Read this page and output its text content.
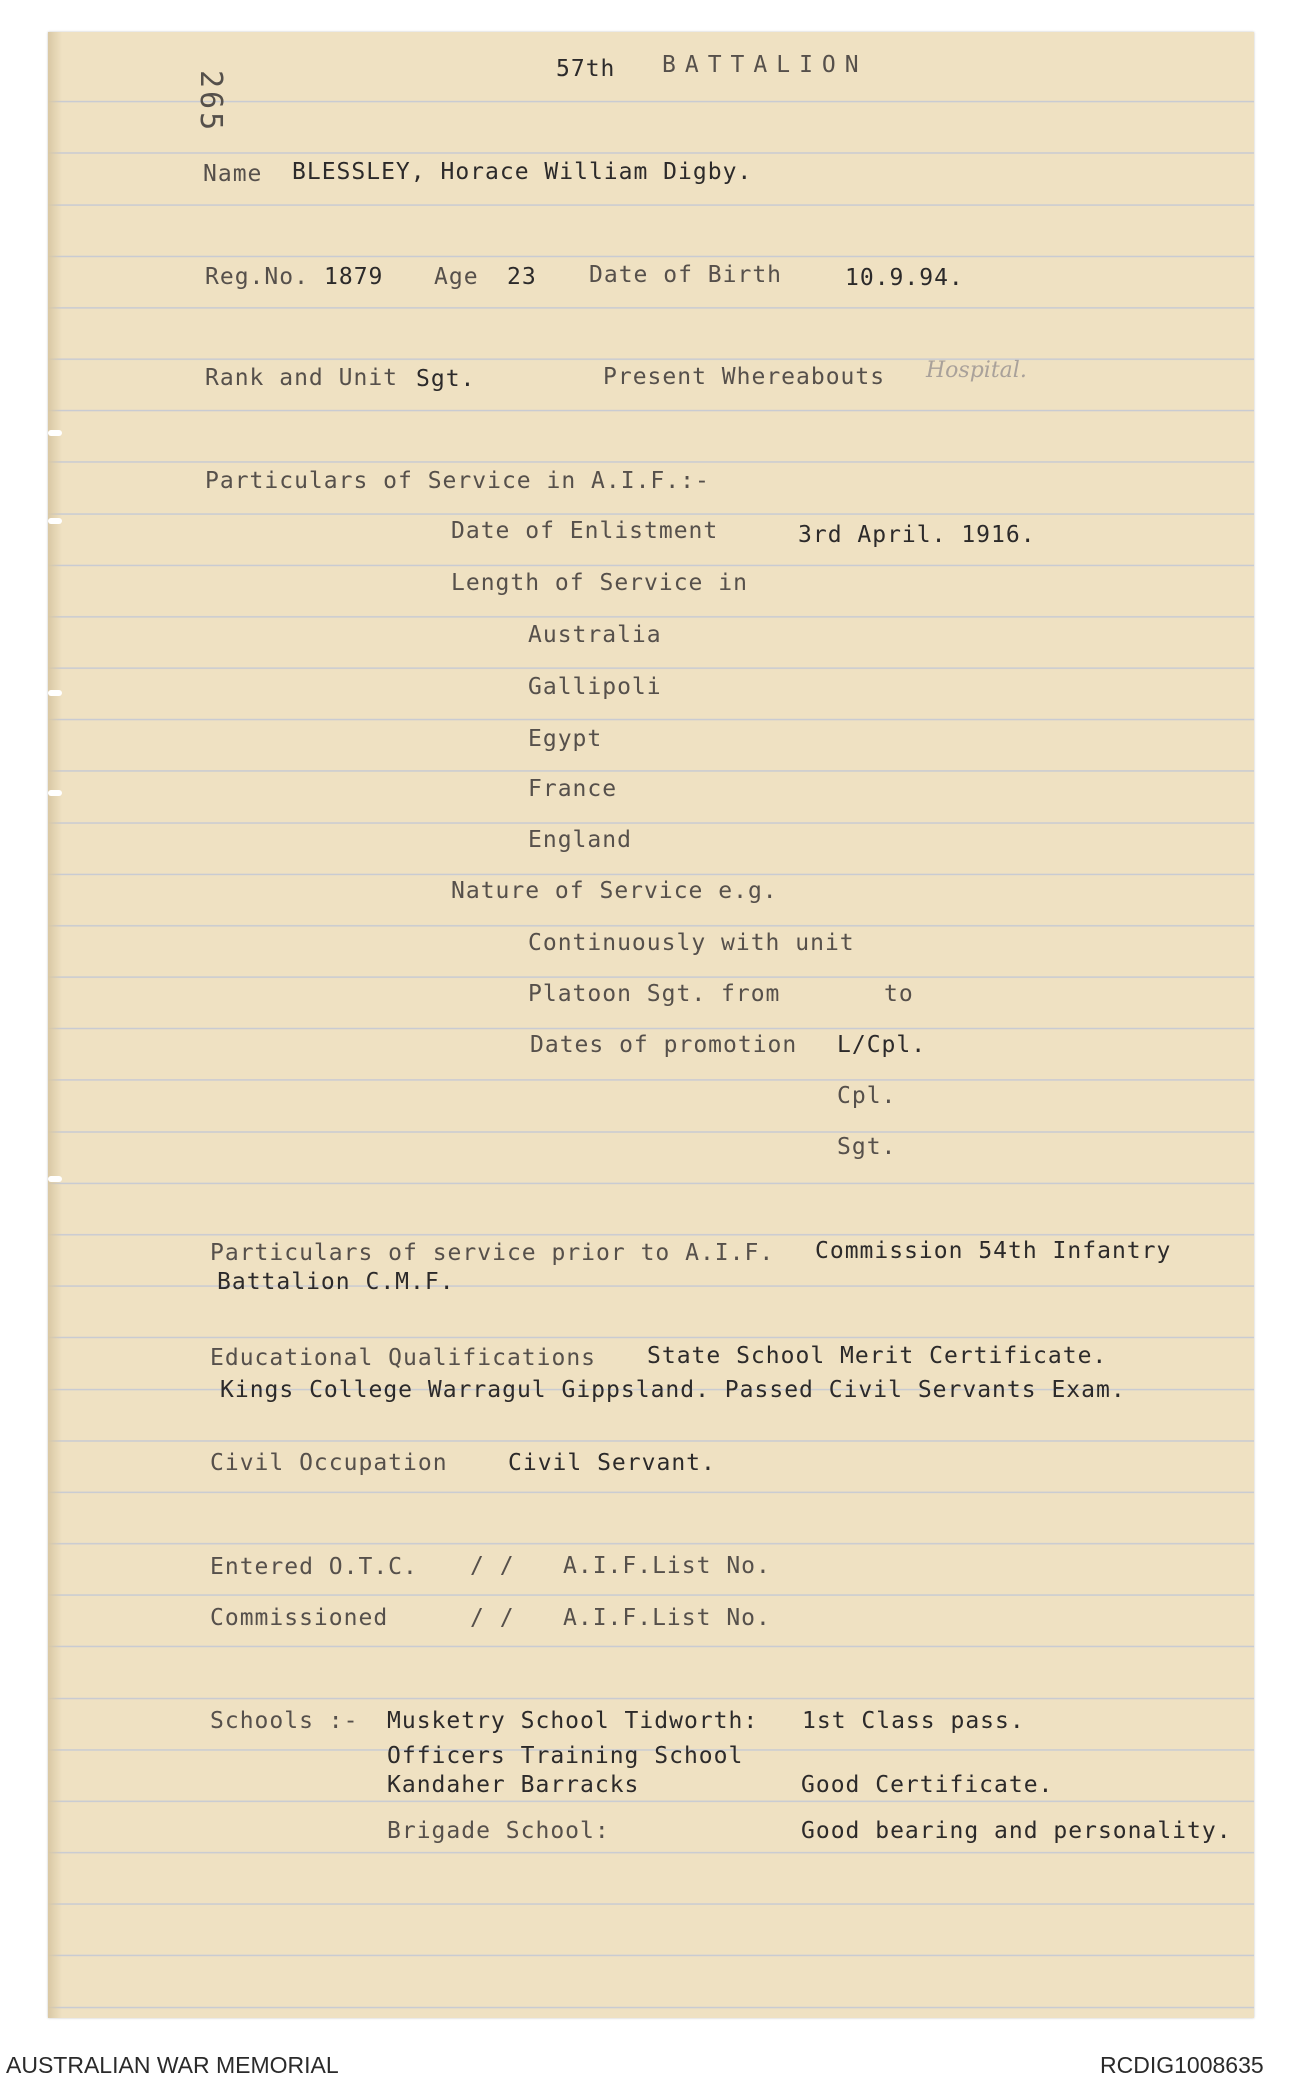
265
57th BATTALION
Name BLESSLEY, Horace William Digby.
Reg.No. 1879 Age 23 Date of Birth	10.9.94.
Rank and Unit Sgt.	Present Whereabouts Hospital.
Particulars of Service in A.I.F.:-
Date of Enlistment	3rd April. 1916.
Length of Service in
Australia
Gallipoli
Egypt
France
England
Nature of Service e.g.
Continuously with unit
Platoon Sgt. from	to
Dates of promotion L/Cpl.
Cpl.
Sgt.
Particulars of service prior to A.I.F. Commission 54th Infantry
Battalion C.M.F.
Educational Qualifications State School Merit Certificate.
Kings College Warragul Gippsland. Passed Civil Servants Exam.
Civil Occupation	Civil Servant.
Entered O.T.C. / / A.I.F.List No.
Commissioned	/ / A.I.F.List No.
Schools :- Musketry School Tidworth: 1st Class pass.
Officers Training School
Kandaher Barracks	Good Certificate.
Brigade School:	Good bearing and personality.
AUSTRALIAN WAR MEMORIAL	RCDIG1008635
